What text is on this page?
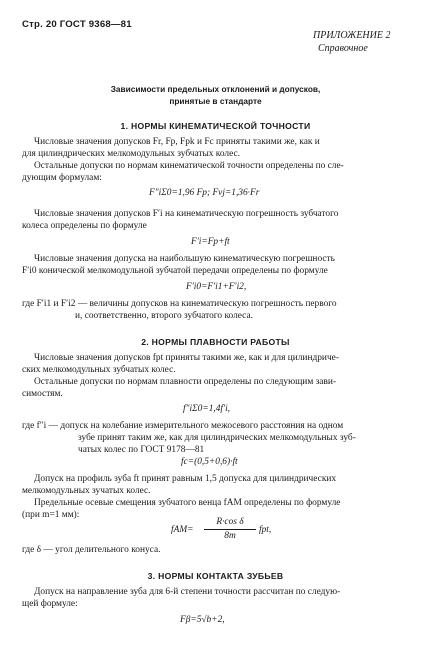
Стр. 20 ГОСТ 9368—81
ПРИЛОЖЕНИЕ 2
Справочное
Зависимости предельных отклонений и допусков,
принятые в стандарте
1. НОРМЫ КИНЕМАТИЧЕСКОЙ ТОЧНОСТИ
Числовые значения допусков Fr, Fp, Fpk и Fc приняты такими же, как и
для цилиндрических мелкомодульных зубчатых колес.
Остальные допуски по нормам кинематической точности определены по сле-
дующим формулам:
F″iΣ0=1,96 Fp; Fvj=1,36·Fr
Числовые значения допусков F′i на кинематическую погрешность зубчатого
колеса определены по формуле
F′i=Fp+ft
Числовые значения допуска на наибольшую кинематическую погрешность
F′i0 конической мелкомодульной зубчатой передачи определены по формуле
F′i0=F′i1+F′i2,
где F′i1 и F′i2 — величины допусков на кинематическую погрешность первого
и, соответственно, второго зубчатого колеса.
2. НОРМЫ ПЛАВНОСТИ РАБОТЫ
Числовые значения допусков fpt приняты такими же, как и для цилиндриче-
ских мелкомодульных зубчатых колес.
Остальные допуски по нормам плавности определены по следующим зави-
симостям.
f″iΣ0=1,4f′i,
где f″i — допуск на колебание измерительного межосевого расстояния на одном
зубе принят таким же, как для цилиндрических мелкомодульных зуб-
чатых колес по ГОСТ 9178—81
fc=(0,5+0,6)·ft
Допуск на профиль зуба ft принят равным 1,5 допуска для цилиндрических
мелкомодульных зучатых колес.
Предельные осевые смещения зубчатого венца fAM определены по формуле
(при m=1 мм):
fAM=
R·cos δ
8m
fpt,
где δ — угол делительного конуса.
3. НОРМЫ КОНТАКТА ЗУБЬЕВ
Допуск на направление зуба для 6-й степени точности рассчитан по следую-
щей формуле:
Fβ=5√b+2,
